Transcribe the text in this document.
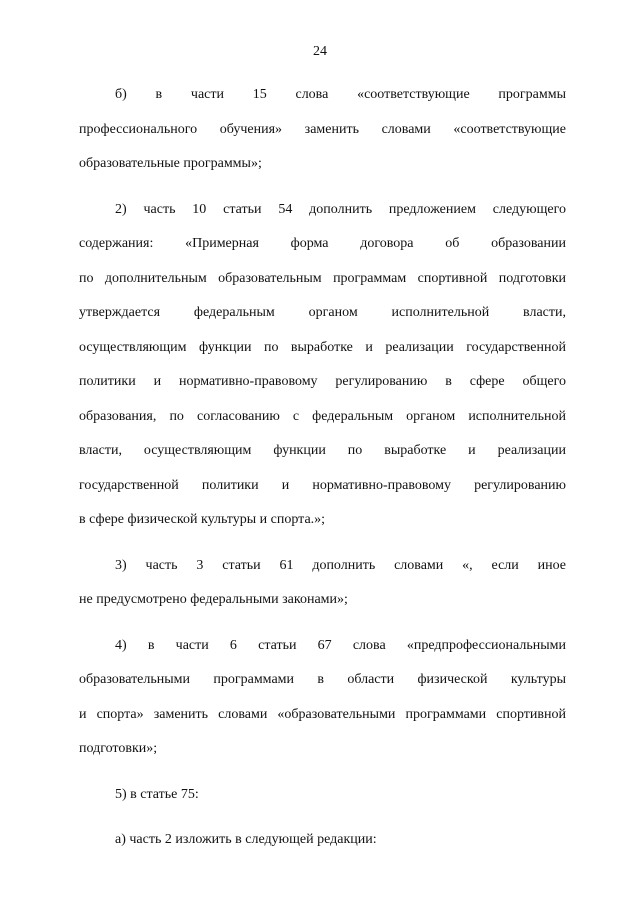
24
б) в части 15 слова «соответствующие программы
профессионального обучения» заменить словами «соответствующие
образовательные программы»;
2) часть 10 статьи 54 дополнить предложением следующего
содержания: «Примерная форма договора об образовании
по дополнительным образовательным программам спортивной подготовки
утверждается федеральным органом исполнительной власти,
осуществляющим функции по выработке и реализации государственной
политики и нормативно-правовому регулированию в сфере общего
образования, по согласованию с федеральным органом исполнительной
власти, осуществляющим функции по выработке и реализации
государственной политики и нормативно-правовому регулированию
в сфере физической культуры и спорта.»;
3) часть 3 статьи 61 дополнить словами «, если иное
не предусмотрено федеральными законами»;
4) в части 6 статьи 67 слова «предпрофессиональными
образовательными программами в области физической культуры
и спорта» заменить словами «образовательными программами спортивной
подготовки»;
5) в статье 75:
а) часть 2 изложить в следующей редакции:
